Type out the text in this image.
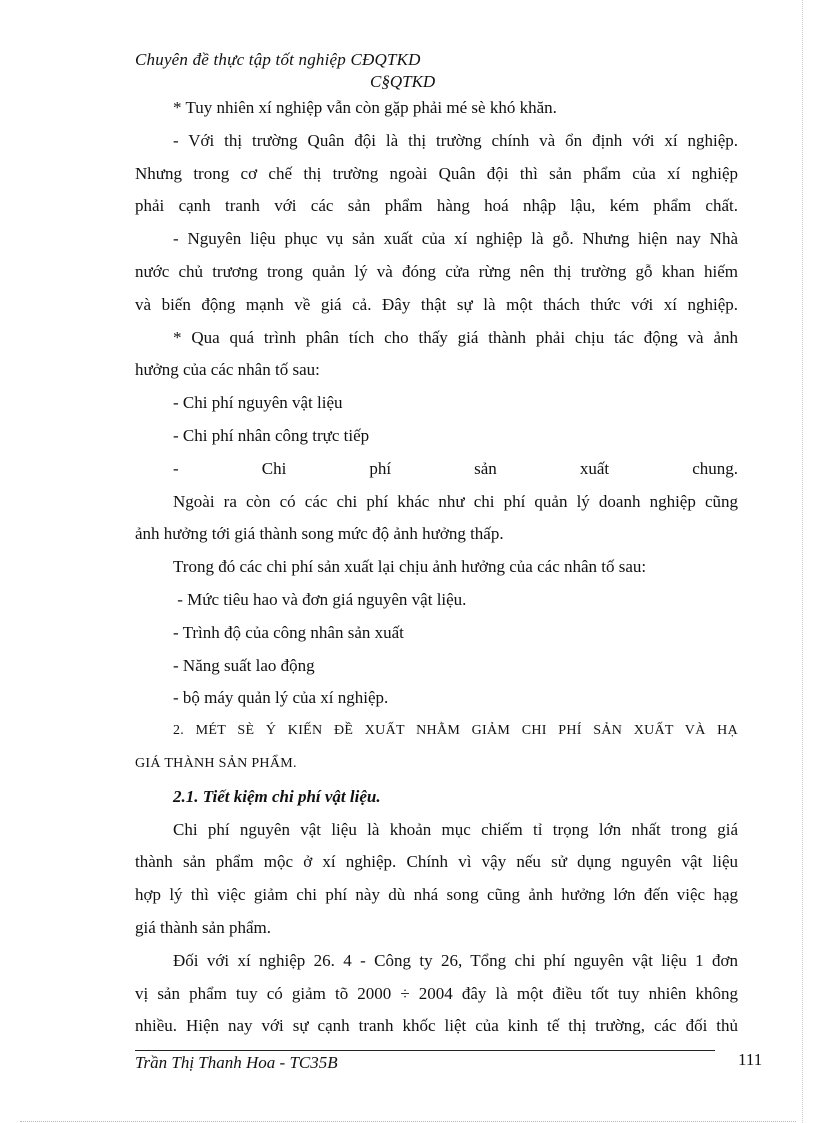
Chuyên đề thực tập tốt nghiệp CĐQTKD
C§QTKD

* Tuy nhiên xí nghiệp vẫn còn gặp phải mé sè khó khăn.

- Với thị trường Quân đội là thị trường chính và ổn định với xí nghiệp.

Nhưng trong cơ chế thị trường ngoài Quân đội thì sản phẩm của xí nghiệp

phải cạnh tranh với các sản phẩm hàng hoá nhập lậu, kém phẩm chất.

- Nguyên liệu phục vụ sản xuất của xí nghiệp là gỗ. Nhưng hiện nay Nhà

nước chủ trương trong quản lý và đóng cửa rừng nên thị trường gỗ khan hiếm

và biến động mạnh về giá cả. Đây thật sự là một thách thức với xí nghiệp.

* Qua quá trình phân tích cho thấy giá thành phải chịu tác động và ảnh

hưởng của các nhân tố sau:

- Chi phí nguyên vật liệu

- Chi phí nhân công trực tiếp

- Chi phí sản xuất chung.

Ngoài ra còn có các chi phí khác như chi phí quản lý doanh nghiệp cũng

ảnh hưởng tới giá thành song mức độ ảnh hưởng thấp.

Trong đó các chi phí sản xuất lại chịu ảnh hưởng của các nhân tố sau:

- Mức tiêu hao và đơn giá nguyên vật liệu.

- Trình độ của công nhân sản xuất

- Năng suất lao động

- bộ máy quản lý của xí nghiệp.

2. MÉT SÈ Ý KIẾN ĐỀ XUẤT NHẰM GIẢM CHI PHÍ SẢN XUẤT VÀ HẠ

GIÁ THÀNH SẢN PHẨM.

2.1. Tiết kiệm chi phí vật liệu.

Chi phí nguyên vật liệu là khoản mục chiếm tỉ trọng lớn nhất trong giá

thành sản phẩm mộc ở xí nghiệp. Chính vì vậy nếu sử dụng nguyên vật liệu

hợp lý thì việc giảm chi phí này dù nhá song cũng ảnh hưởng lớn đến việc hạg

giá thành sản phẩm.

Đối với xí nghiệp 26. 4 - Công ty 26, Tổng chi phí nguyên vật liệu 1 đơn

vị sản phẩm tuy có giảm tõ 2000 ÷ 2004 đây là một điều tốt tuy nhiên không

nhiều. Hiện nay với sự cạnh tranh khốc liệt của kinh tế thị trường, các đối thủ

Trần Thị Thanh Hoa - TC35B	111
